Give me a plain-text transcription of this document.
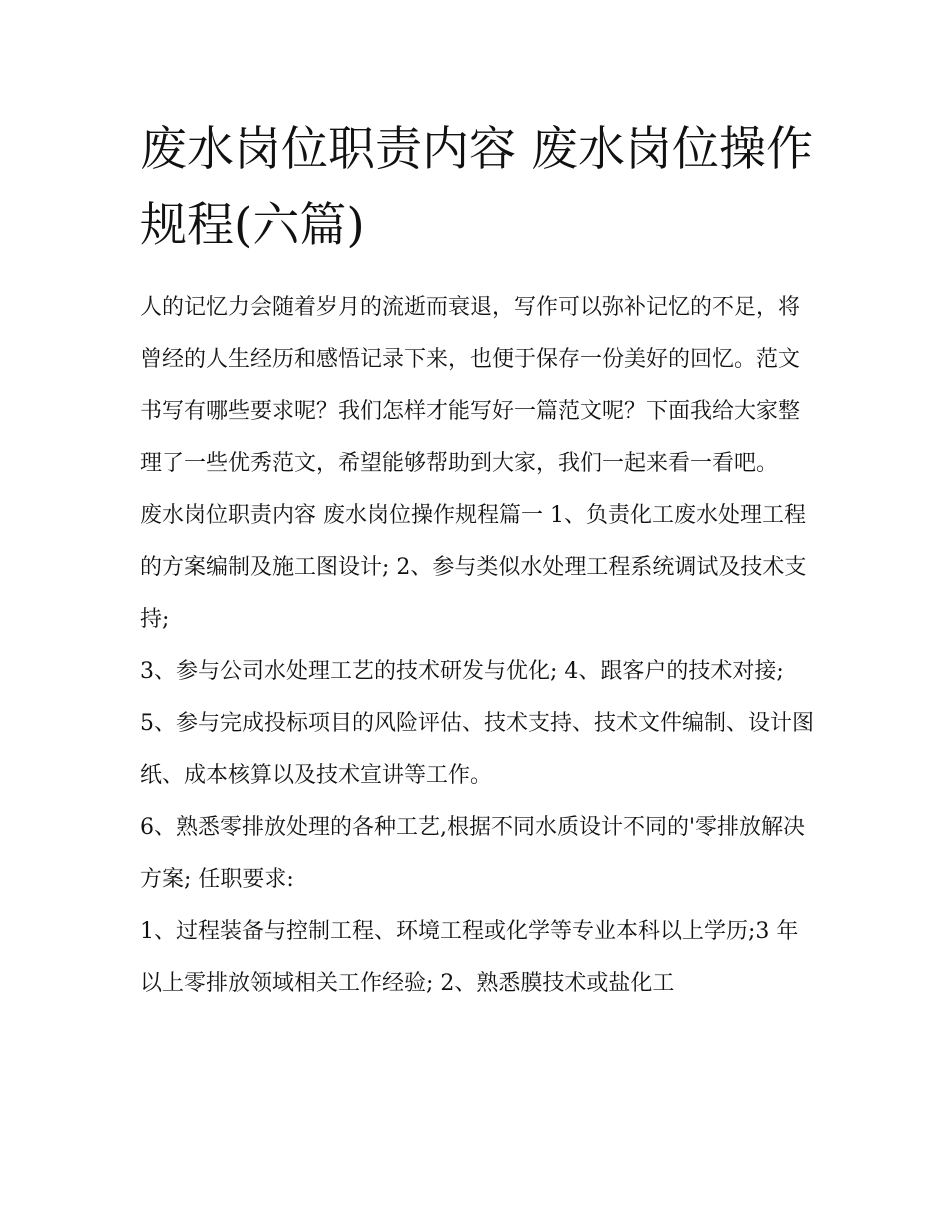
废水岗位职责内容 废水岗位操作规程(六篇)

人的记忆力会随着岁月的流逝而衰退，写作可以弥补记忆的不足，将曾经的人生经历和感悟记录下来，也便于保存一份美好的回忆。范文书写有哪些要求呢？我们怎样才能写好一篇范文呢？下面我给大家整理了一些优秀范文，希望能够帮助到大家，我们一起来看一看吧。

废水岗位职责内容 废水岗位操作规程篇一 1、负责化工废水处理工程的方案编制及施工图设计; 2、参与类似水处理工程系统调试及技术支持;

3、参与公司水处理工艺的技术研发与优化; 4、跟客户的技术对接;

5、参与完成投标项目的风险评估、技术支持、技术文件编制、设计图纸、成本核算以及技术宣讲等工作。

6、熟悉零排放处理的各种工艺,根据不同水质设计不同的'零排放解决方案; 任职要求:

1、过程装备与控制工程、环境工程或化学等专业本科以上学历;3 年以上零排放领域相关工作经验; 2、熟悉膜技术或盐化工
